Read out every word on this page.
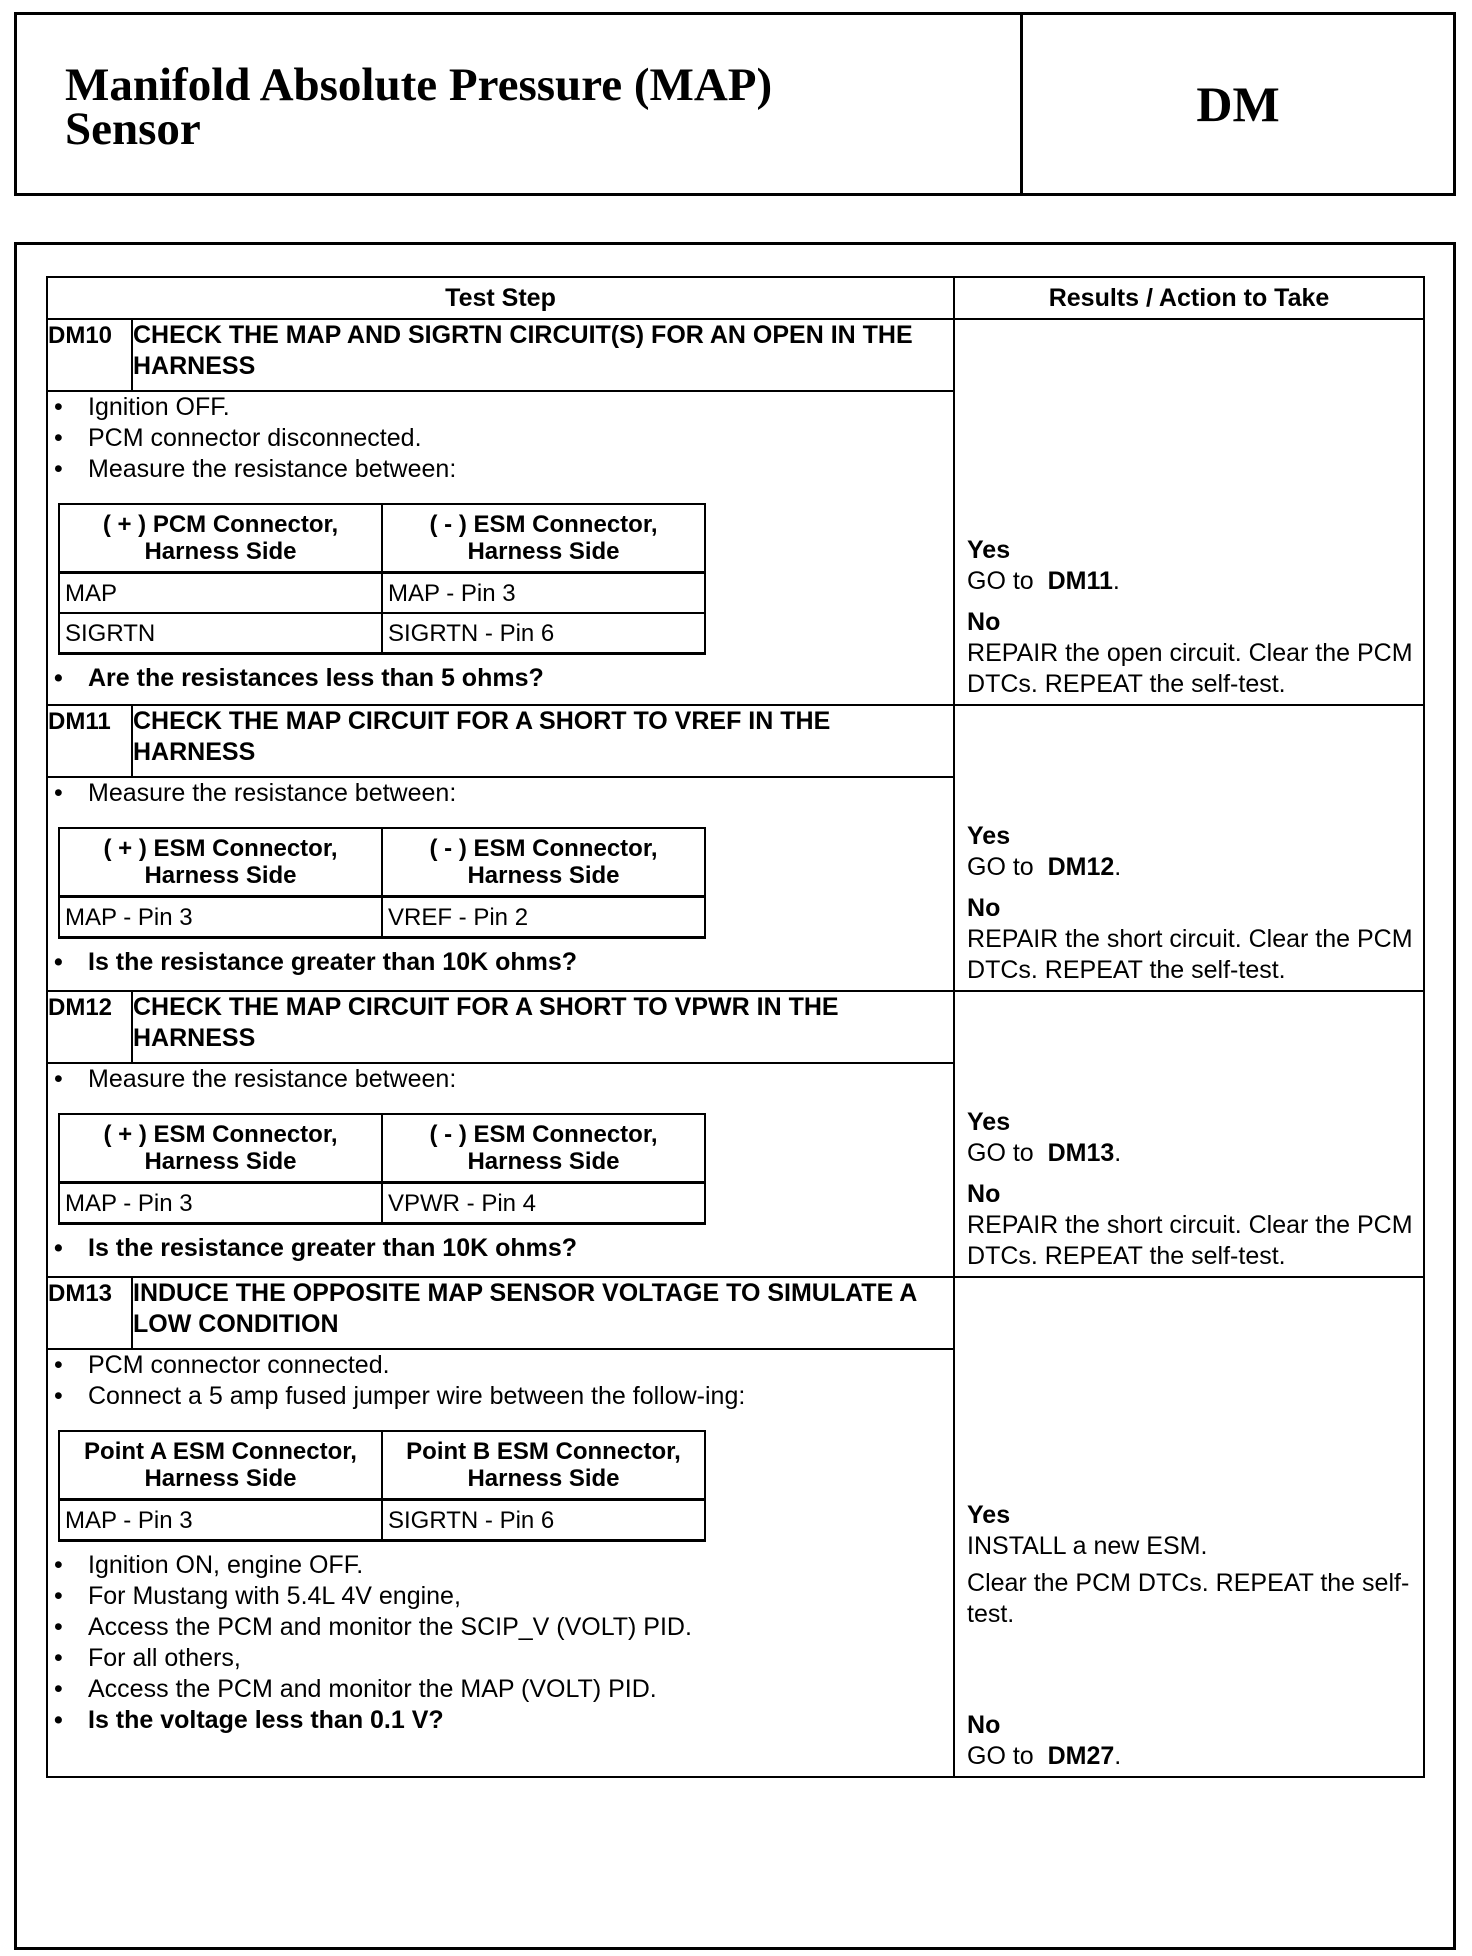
Manifold Absolute Pressure (MAP)
Sensor	DM
Test Step	Results / Action to Take
DM10	CHECK THE MAP AND SIGRTN CIRCUIT(S) FOR AN OPEN IN THE HARNESS	
Yes
GO to DM11.
No
REPAIR the open circuit. Clear the PCM DTCs. REPEAT the self-test.

• Ignition OFF.
• PCM connector disconnected.
• Measure the resistance between:
( + ) PCM Connector, Harness Side	( - ) ESM Connector, Harness Side
MAP	MAP - Pin 3
SIGRTN	SIGRTN - Pin 6
• Are the resistances less than 5 ohms?

DM11	CHECK THE MAP CIRCUIT FOR A SHORT TO VREF IN THE HARNESS	
Yes
GO to DM12.
No
REPAIR the short circuit. Clear the PCM DTCs. REPEAT the self-test.

• Measure the resistance between:
( + ) ESM Connector, Harness Side	( - ) ESM Connector, Harness Side
MAP - Pin 3	VREF - Pin 2
• Is the resistance greater than 10K ohms?

DM12	CHECK THE MAP CIRCUIT FOR A SHORT TO VPWR IN THE HARNESS	
Yes
GO to DM13.
No
REPAIR the short circuit. Clear the PCM DTCs. REPEAT the self-test.

• Measure the resistance between:
( + ) ESM Connector, Harness Side	( - ) ESM Connector, Harness Side
MAP - Pin 3	VPWR - Pin 4
• Is the resistance greater than 10K ohms?

DM13	INDUCE THE OPPOSITE MAP SENSOR VOLTAGE TO SIMULATE A LOW CONDITION	
Yes
INSTALL a new ESM.
Clear the PCM DTCs. REPEAT the self-test.
No
GO to DM27.

• PCM connector connected.
• Connect a 5 amp fused jumper wire between the follow-ing:
Point A ESM Connector, Harness Side	Point B ESM Connector, Harness Side
MAP - Pin 3	SIGRTN - Pin 6
• Ignition ON, engine OFF.
• For Mustang with 5.4L 4V engine,
• Access the PCM and monitor the SCIP_V (VOLT) PID.
• For all others,
• Access the PCM and monitor the MAP (VOLT) PID.
• Is the voltage less than 0.1 V?
